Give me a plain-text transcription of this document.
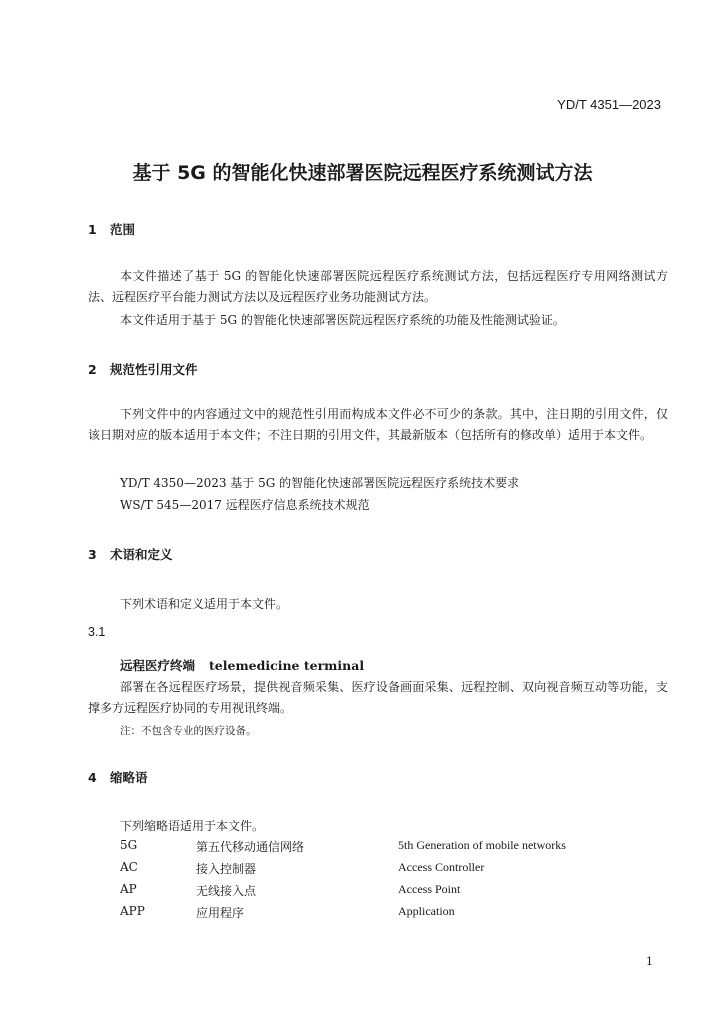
YD/T 4351—2023
基于 5G 的智能化快速部署医院远程医疗系统测试方法
1 范围
本文件描述了基于 5G 的智能化快速部署医院远程医疗系统测试方法，包括远程医疗专用网络测试方法、远程医疗平台能力测试方法以及远程医疗业务功能测试方法。
本文件适用于基于 5G 的智能化快速部署医院远程医疗系统的功能及性能测试验证。
2 规范性引用文件
下列文件中的内容通过文中的规范性引用而构成本文件必不可少的条款。其中，注日期的引用文件，仅该日期对应的版本适用于本文件；不注日期的引用文件，其最新版本（包括所有的修改单）适用于本文件。
YD/T 4350—2023 基于 5G 的智能化快速部署医院远程医疗系统技术要求
WS/T 545—2017 远程医疗信息系统技术规范
3 术语和定义
下列术语和定义适用于本文件。
3.1
远程医疗终端 telemedicine terminal
部署在各远程医疗场景，提供视音频采集、医疗设备画面采集、远程控制、双向视音频互动等功能，支撑多方远程医疗协同的专用视讯终端。
注：不包含专业的医疗设备。
4 缩略语
下列缩略语适用于本文件。
5G	第五代移动通信网络	5th Generation of mobile networks
AC	接入控制器	Access Controller
AP	无线接入点	Access Point
APP	应用程序	Application
1
